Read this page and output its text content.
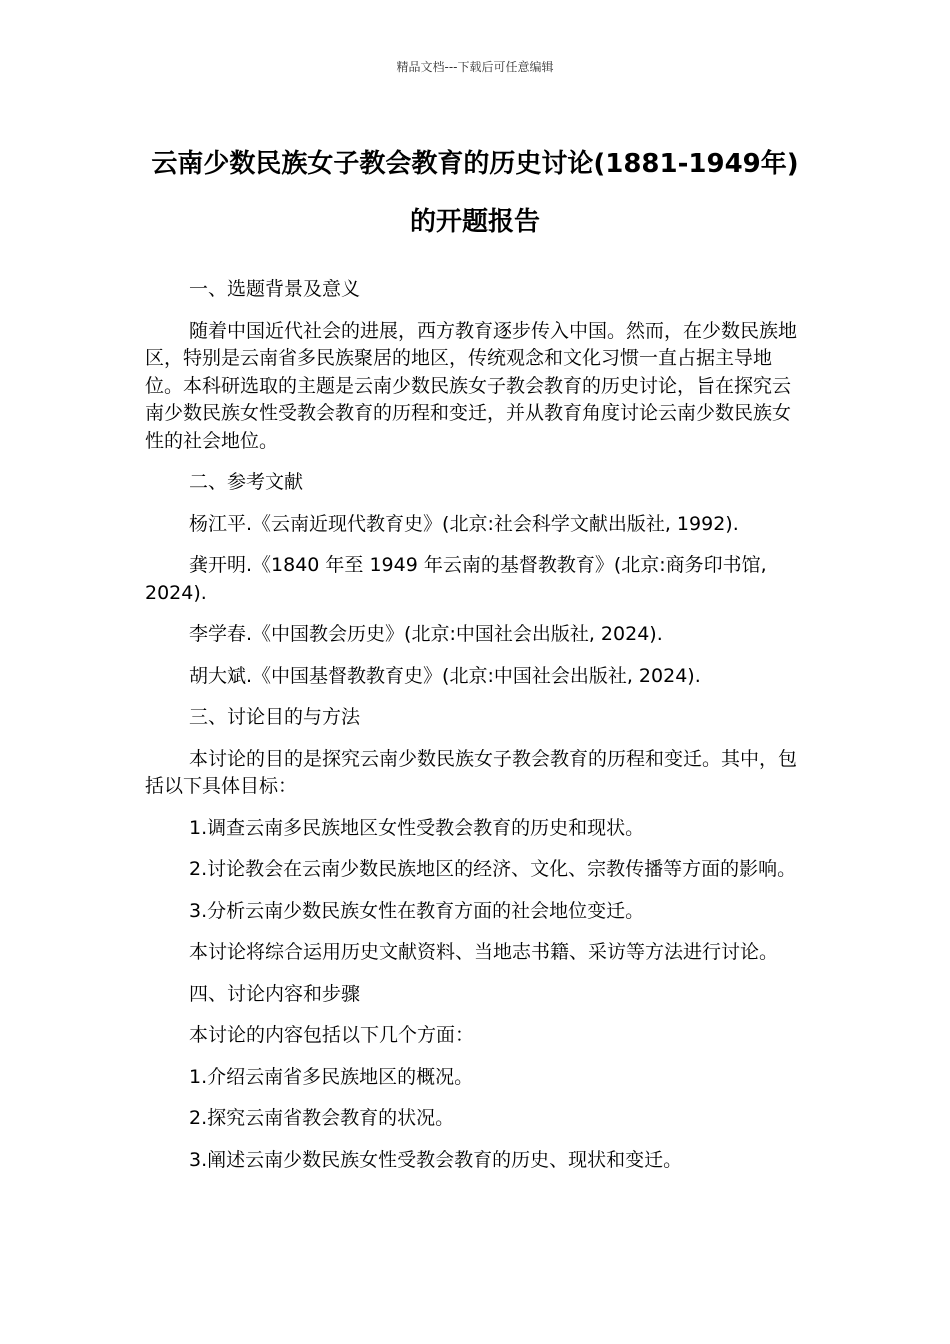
精品文档---下载后可任意编辑
云南少数民族女子教会教育的历史讨论(1881-1949年)的开题报告

一、选题背景及意义

随着中国近代社会的进展，西方教育逐步传入中国。然而，在少数民族地区，特别是云南省多民族聚居的地区，传统观念和文化习惯一直占据主导地位。本科研选取的主题是云南少数民族女子教会教育的历史讨论，旨在探究云南少数民族女性受教会教育的历程和变迁，并从教育角度讨论云南少数民族女性的社会地位。

二、参考文献

杨江平.《云南近现代教育史》(北京:社会科学文献出版社, 1992).

龚开明.《1840 年至 1949 年云南的基督教教育》(北京:商务印书馆, 2024).

李学春.《中国教会历史》(北京:中国社会出版社, 2024).

胡大斌.《中国基督教教育史》(北京:中国社会出版社, 2024).

三、讨论目的与方法

本讨论的目的是探究云南少数民族女子教会教育的历程和变迁。其中，包括以下具体目标：

1.调查云南多民族地区女性受教会教育的历史和现状。

2.讨论教会在云南少数民族地区的经济、文化、宗教传播等方面的影响。

3.分析云南少数民族女性在教育方面的社会地位变迁。

本讨论将综合运用历史文献资料、当地志书籍、采访等方法进行讨论。

四、讨论内容和步骤

本讨论的内容包括以下几个方面：

1.介绍云南省多民族地区的概况。

2.探究云南省教会教育的状况。

3.阐述云南少数民族女性受教会教育的历史、现状和变迁。
